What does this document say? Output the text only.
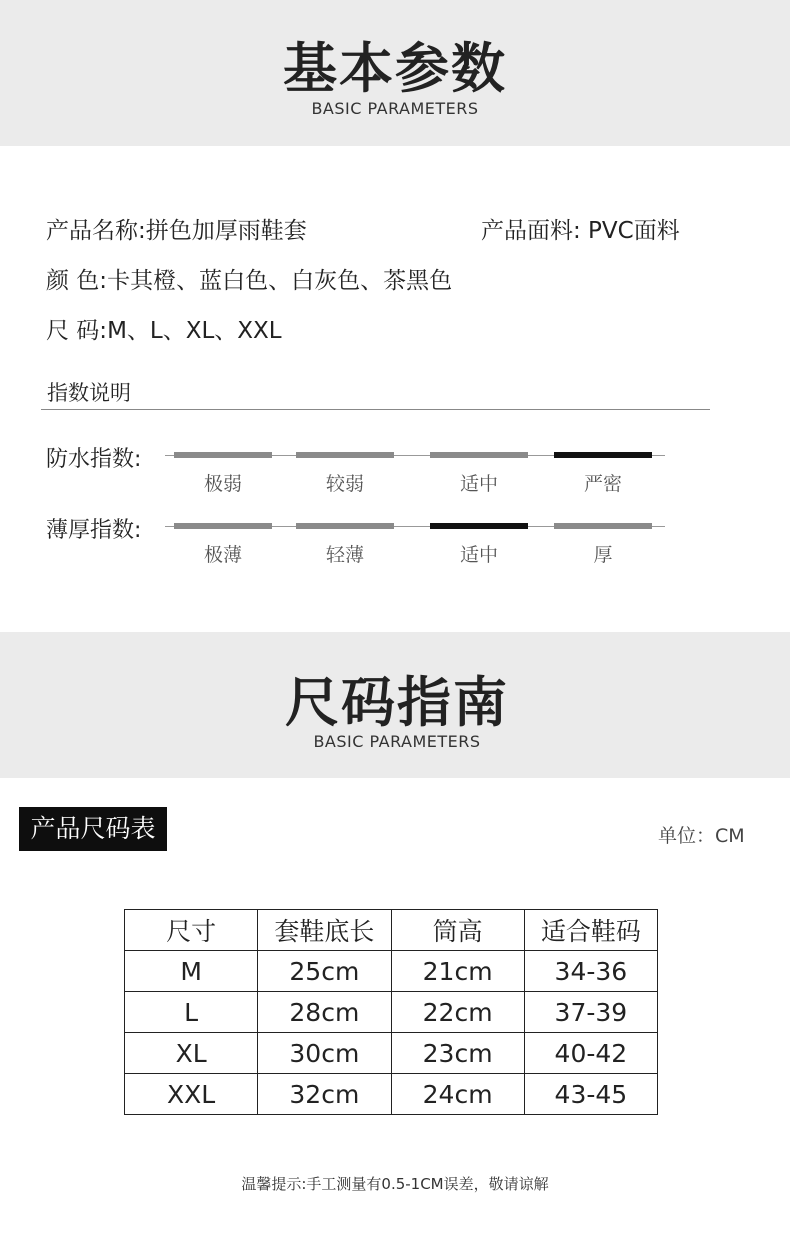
基本参数
BASIC PARAMETERS
产品名称:拼色加厚雨鞋套	产品面料: PVC面料
颜 色:卡其橙、蓝白色、白灰色、茶黑色
尺 码:M、L、XL、XXL
指数说明
防水指数:
极弱	较弱	适中	严密
薄厚指数:
极薄	轻薄	适中	厚
尺码指南
BASIC PARAMETERS
产品尺码表	单位：CM
尺寸	套鞋底长	筒高	适合鞋码
M	25cm	21cm	34-36
L	28cm	22cm	37-39
XL	30cm	23cm	40-42
XXL	32cm	24cm	43-45
温馨提示:手工测量有0.5-1CM误差，敬请谅解
